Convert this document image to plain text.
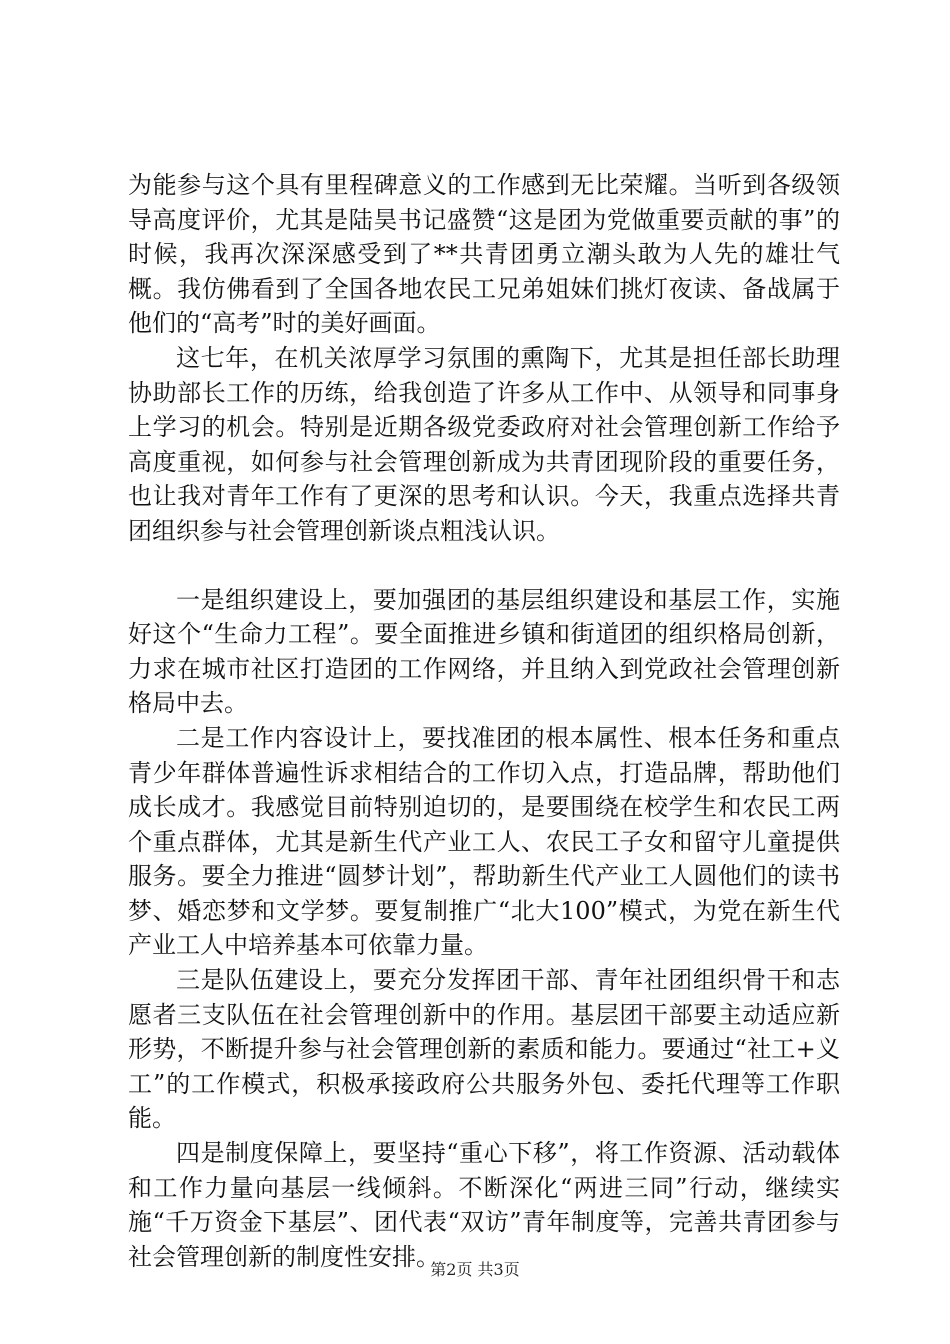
为能参与这个具有里程碑意义的工作感到无比荣耀。当听到各级领导高度评价，尤其是陆昊书记盛赞“这是团为党做重要贡献的事”的时候，我再次深深感受到了**共青团勇立潮头敢为人先的雄壮气概。我仿佛看到了全国各地农民工兄弟姐妹们挑灯夜读、备战属于他们的“高考”时的美好画面。

这七年，在机关浓厚学习氛围的熏陶下，尤其是担任部长助理协助部长工作的历练，给我创造了许多从工作中、从领导和同事身上学习的机会。特别是近期各级党委政府对社会管理创新工作给予高度重视，如何参与社会管理创新成为共青团现阶段的重要任务，也让我对青年工作有了更深的思考和认识。今天，我重点选择共青团组织参与社会管理创新谈点粗浅认识。

一是组织建设上，要加强团的基层组织建设和基层工作，实施好这个“生命力工程”。要全面推进乡镇和街道团的组织格局创新，力求在城市社区打造团的工作网络，并且纳入到党政社会管理创新格局中去。

二是工作内容设计上，要找准团的根本属性、根本任务和重点青少年群体普遍性诉求相结合的工作切入点，打造品牌，帮助他们成长成才。我感觉目前特别迫切的，是要围绕在校学生和农民工两个重点群体，尤其是新生代产业工人、农民工子女和留守儿童提供服务。要全力推进“圆梦计划”，帮助新生代产业工人圆他们的读书梦、婚恋梦和文学梦。要复制推广“北大100”模式，为党在新生代产业工人中培养基本可依靠力量。

三是队伍建设上，要充分发挥团干部、青年社团组织骨干和志愿者三支队伍在社会管理创新中的作用。基层团干部要主动适应新形势，不断提升参与社会管理创新的素质和能力。要通过“社工+义工”的工作模式，积极承接政府公共服务外包、委托代理等工作职能。

四是制度保障上，要坚持“重心下移”，将工作资源、活动载体和工作力量向基层一线倾斜。不断深化“两进三同”行动，继续实施“千万资金下基层”、团代表“双访”青年制度等，完善共青团参与社会管理创新的制度性安排。

第2页 共3页
